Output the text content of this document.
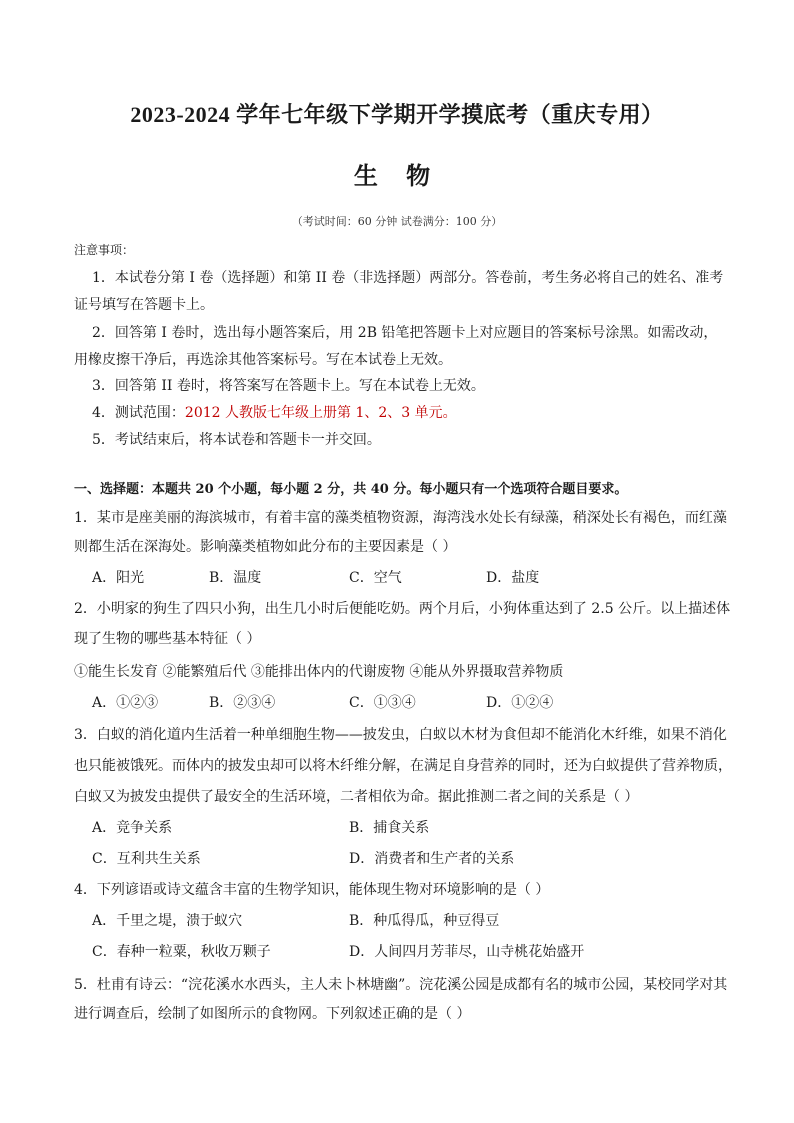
2023-2024 学年七年级下学期开学摸底考（重庆专用）
生 物
（考试时间：60 分钟 试卷满分：100 分）
注意事项：
1．本试卷分第 I 卷（选择题）和第 II 卷（非选择题）两部分。答卷前，考生务必将自己的姓名、准考
证号填写在答题卡上。
2．回答第 I 卷时，选出每小题答案后，用 2B 铅笔把答题卡上对应题目的答案标号涂黑。如需改动，
用橡皮擦干净后，再选涂其他答案标号。写在本试卷上无效。
3．回答第 II 卷时，将答案写在答题卡上。写在本试卷上无效。
4．测试范围：2012 人教版七年级上册第 1、2、3 单元。
5．考试结束后，将本试卷和答题卡一并交回。
一、选择题：本题共 20 个小题，每小题 2 分，共 40 分。每小题只有一个选项符合题目要求。
1．某市是座美丽的海滨城市，有着丰富的藻类植物资源，海湾浅水处长有绿藻，稍深处长有褐色，而红藻
则都生活在深海处。影响藻类植物如此分布的主要因素是（ ）
A．阳光	B．温度	C．空气	D．盐度
2．小明家的狗生了四只小狗，出生几小时后便能吃奶。两个月后，小狗体重达到了 2.5 公斤。以上描述体
现了生物的哪些基本特征（ ）
①能生长发育 ②能繁殖后代 ③能排出体内的代谢废物 ④能从外界摄取营养物质
A．①②③	B．②③④	C．①③④	D．①②④
3．白蚁的消化道内生活着一种单细胞生物——披发虫，白蚁以木材为食但却不能消化木纤维，如果不消化
也只能被饿死。而体内的披发虫却可以将木纤维分解，在满足自身营养的同时，还为白蚁提供了营养物质，
白蚁又为披发虫提供了最安全的生活环境，二者相依为命。据此推测二者之间的关系是（ ）
A．竞争关系	B．捕食关系
C．互利共生关系	D．消费者和生产者的关系
4．下列谚语或诗文蕴含丰富的生物学知识，能体现生物对环境影响的是（ ）
A．千里之堤，溃于蚁穴	B．种瓜得瓜，种豆得豆
C．春种一粒粟，秋收万颗子	D．人间四月芳菲尽，山寺桃花始盛开
5．杜甫有诗云：“浣花溪水水西头，主人未卜林塘幽”。浣花溪公园是成都有名的城市公园，某校同学对其
进行调查后，绘制了如图所示的食物网。下列叙述正确的是（ ）
